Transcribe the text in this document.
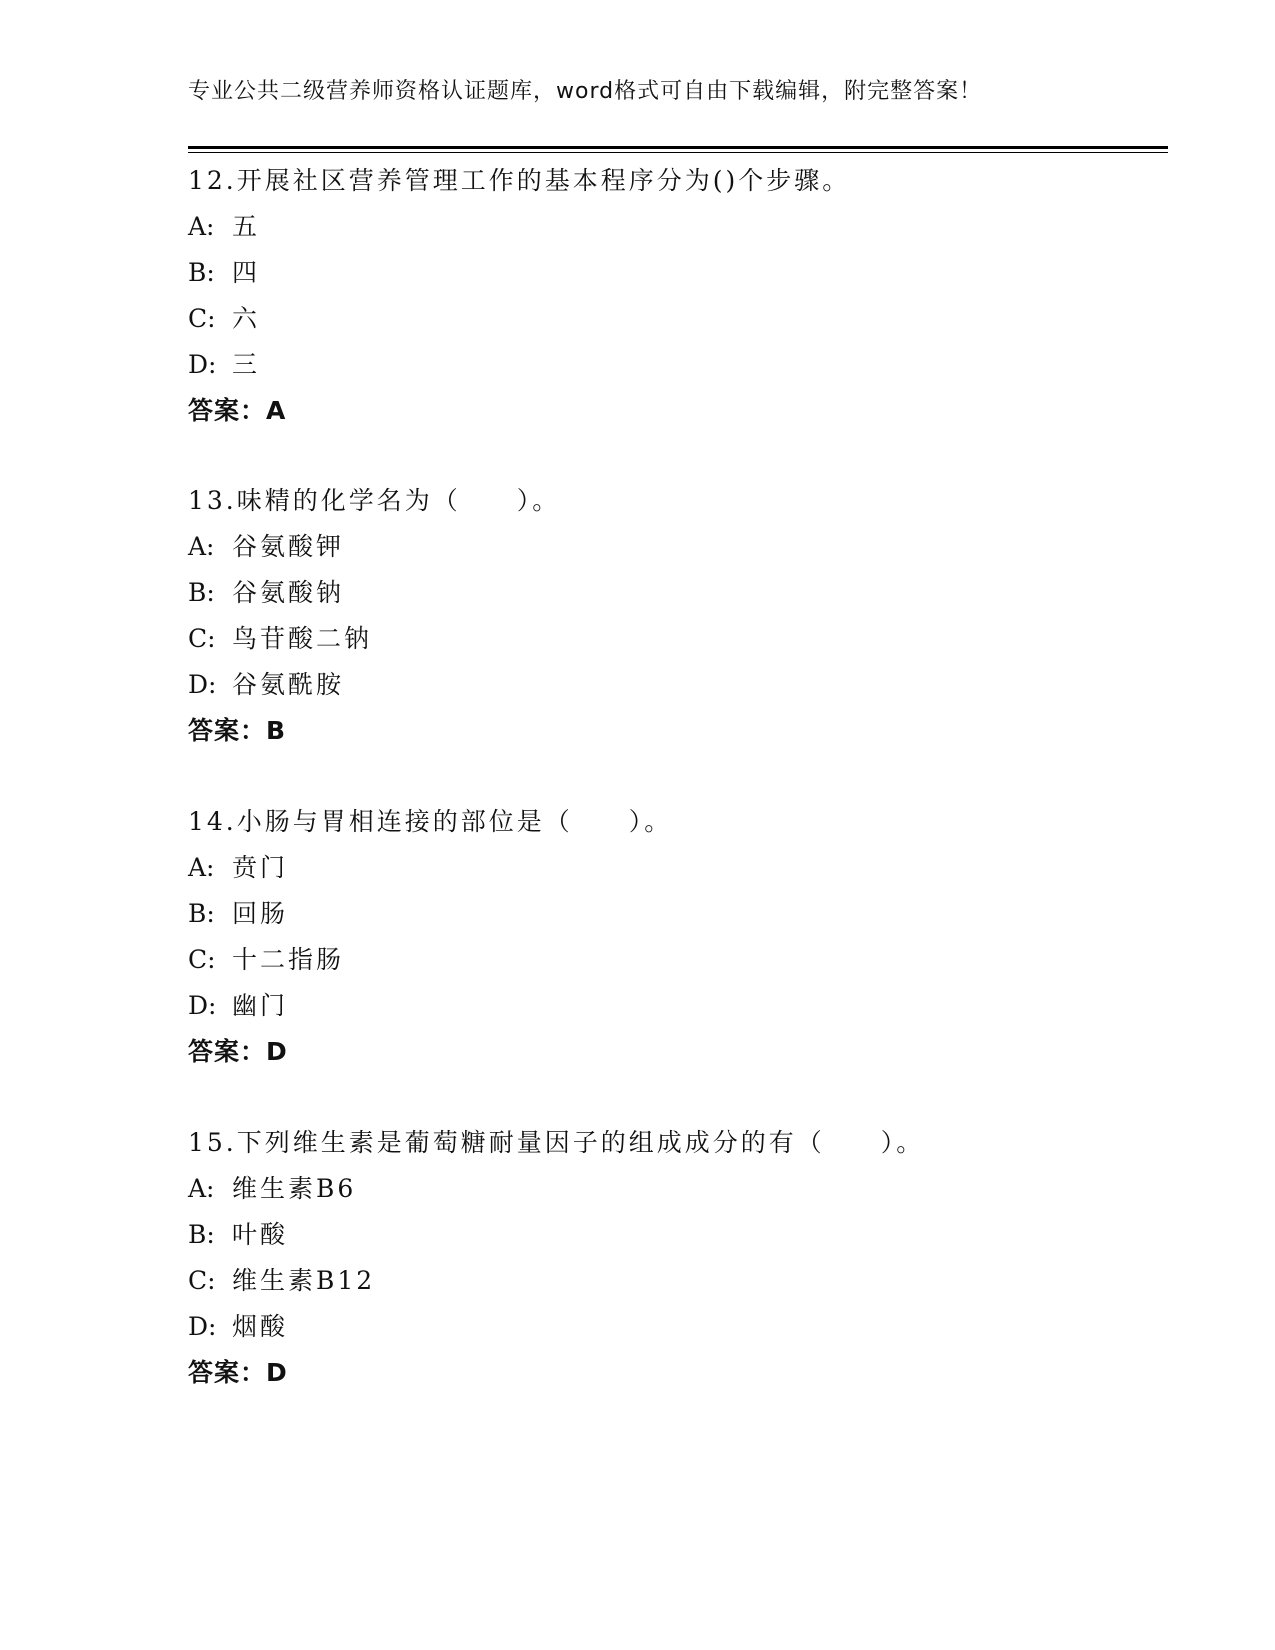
专业公共二级营养师资格认证题库，word格式可自由下载编辑，附完整答案！
12.开展社区营养管理工作的基本程序分为()个步骤。
A: 五
B: 四
C: 六
D: 三
答案：A
13.味精的化学名为（　　）。
A: 谷氨酸钾
B: 谷氨酸钠
C: 鸟苷酸二钠
D: 谷氨酰胺
答案：B
14.小肠与胃相连接的部位是（　　）。
A: 贲门
B: 回肠
C: 十二指肠
D: 幽门
答案：D
15.下列维生素是葡萄糖耐量因子的组成成分的有（　　）。
A: 维生素B6
B: 叶酸
C: 维生素B12
D: 烟酸
答案：D
